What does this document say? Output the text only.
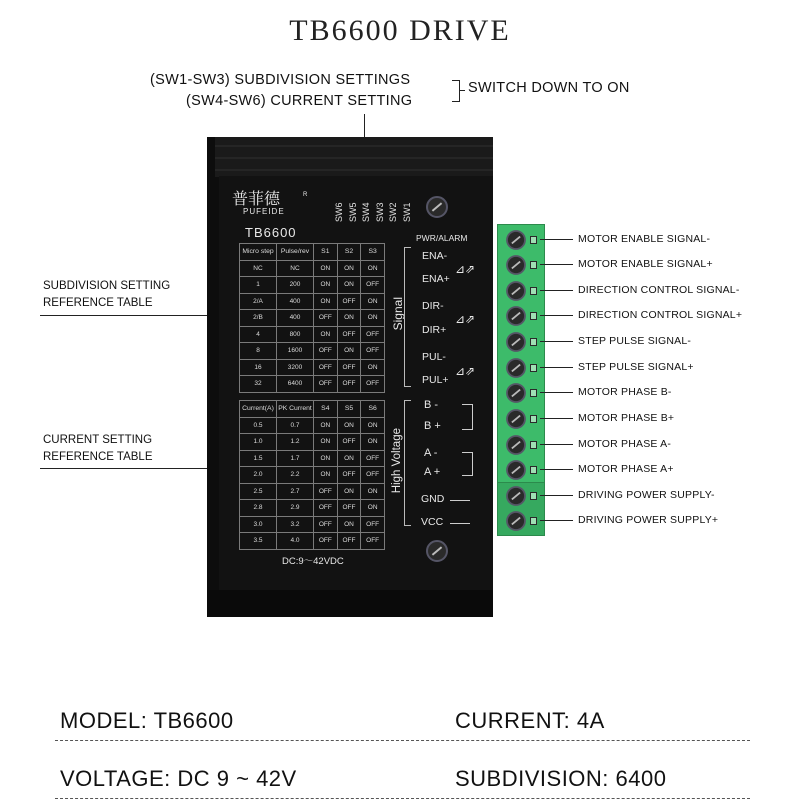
TB6600 DRIVE
(SW1-SW3) SUBDIVISION SETTINGS
(SW4-SW6) CURRENT SETTING
SWITCH DOWN TO ON
SUBDIVISION SETTING
REFERENCE TABLE
CURRENT SETTING
REFERENCE TABLE
普菲德	R
PUFEIDE
TB6600
SW6 SW5 SW4 SW3 SW2 SW1
Micro step	Pulse/rev	S1	S2	S3
NC	NC	ON	ON	ON
1	200	ON	ON	OFF
2/A	400	ON	OFF	ON
2/B	400	OFF	ON	ON
4	800	ON	OFF	OFF
8	1600	OFF	ON	OFF
16	3200	OFF	OFF	ON
32	6400	OFF	OFF	OFF
Current(A)	PK Current	S4	S5	S6
0.5	0.7	ON	ON	ON
1.0	1.2	ON	OFF	ON
1.5	1.7	ON	ON	OFF
2.0	2.2	ON	OFF	OFF
2.5	2.7	OFF	ON	ON
2.8	2.9	OFF	OFF	ON
3.0	3.2	OFF	ON	OFF
3.5	4.0	OFF	OFF	OFF
DC:9～42VDC
PWR/ALARM
Signal
High Voltage
ENA-
ENA+
DIR-
DIR+
PUL-
PUL+
B -
B +
A -
A +
GND
VCC
⊿⇗
⊿⇗
⊿⇗
MOTOR ENABLE SIGNAL-
MOTOR ENABLE SIGNAL+
DIRECTION CONTROL SIGNAL-
DIRECTION CONTROL SIGNAL+
STEP PULSE SIGNAL-
STEP PULSE SIGNAL+
MOTOR PHASE B-
MOTOR PHASE B+
MOTOR PHASE A-
MOTOR PHASE A+
DRIVING POWER SUPPLY-
DRIVING POWER SUPPLY+
MODEL: TB6600	CURRENT: 4A
VOLTAGE: DC 9 ~ 42V	SUBDIVISION: 6400
